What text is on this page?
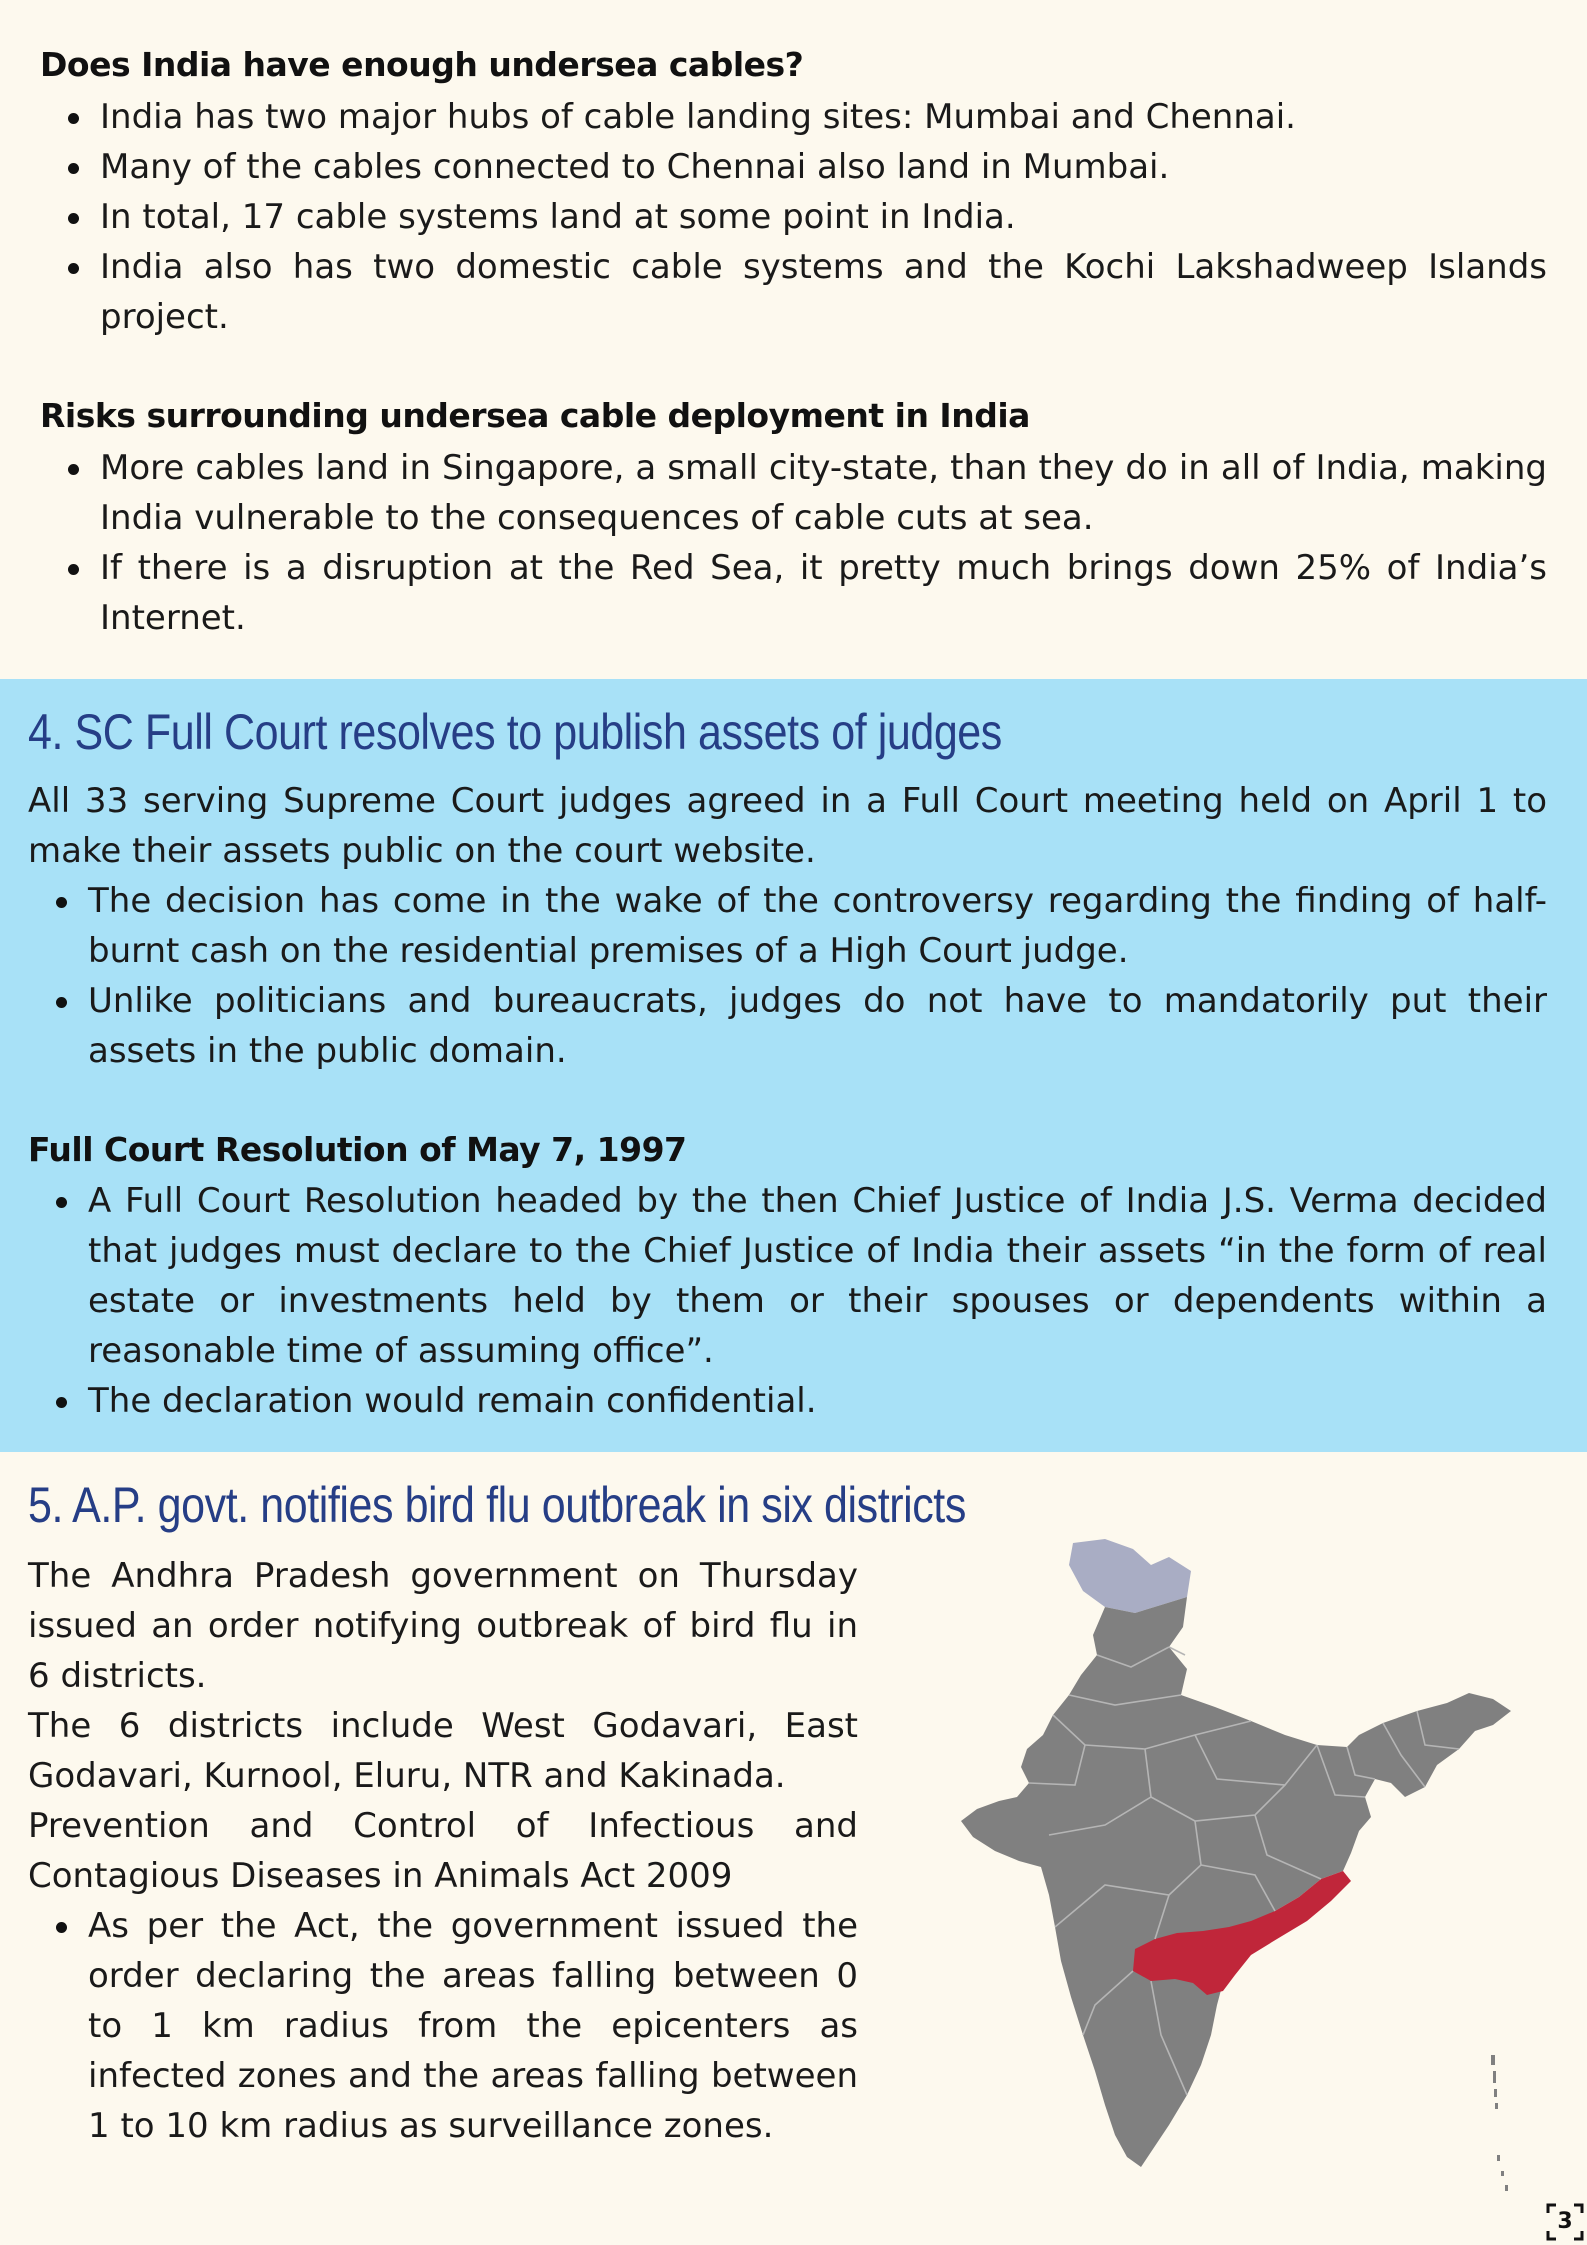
Does India have enough undersea cables?
India has two major hubs of cable landing sites: Mumbai and Chennai.
Many of the cables connected to Chennai also land in Mumbai.
In total, 17 cable systems land at some point in India.
India also has two domestic cable systems and the Kochi Lakshadweep Islands project.
Risks surrounding undersea cable deployment in India
More cables land in Singapore, a small city-state, than they do in all of India, making India vulnerable to the consequences of cable cuts at sea.
If there is a disruption at the Red Sea, it pretty much brings down 25% of India’s Internet.
4. SC Full Court resolves to publish assets of judges

All 33 serving Supreme Court judges agreed in a Full Court meeting held on April 1 to make their assets public on the court website.

The decision has come in the wake of the controversy regarding the finding of half-burnt cash on the residential premises of a High Court judge.
Unlike politicians and bureaucrats, judges do not have to mandatorily put their assets in the public domain.
Full Court Resolution of May 7, 1997
A Full Court Resolution headed by the then Chief Justice of India J.S. Verma decided that judges must declare to the Chief Justice of India their assets “in the form of real estate or investments held by them or their spouses or dependents within a reasonable time of assuming office”.
The declaration would remain confidential.
5. A.P. govt. notifies bird flu outbreak in six districts

The Andhra Pradesh government on Thursday issued an order notifying outbreak of bird flu in 6 districts.

The 6 districts include West Godavari, East Godavari, Kurnool, Eluru, NTR and Kakinada.

Prevention and Control of Infectious and Contagious Diseases in Animals Act 2009

As per the Act, the government issued the order declaring the areas falling between 0 to 1 km radius from the epicenters as infected zones and the areas falling between 1 to 10 km radius as surveillance zones.
3
